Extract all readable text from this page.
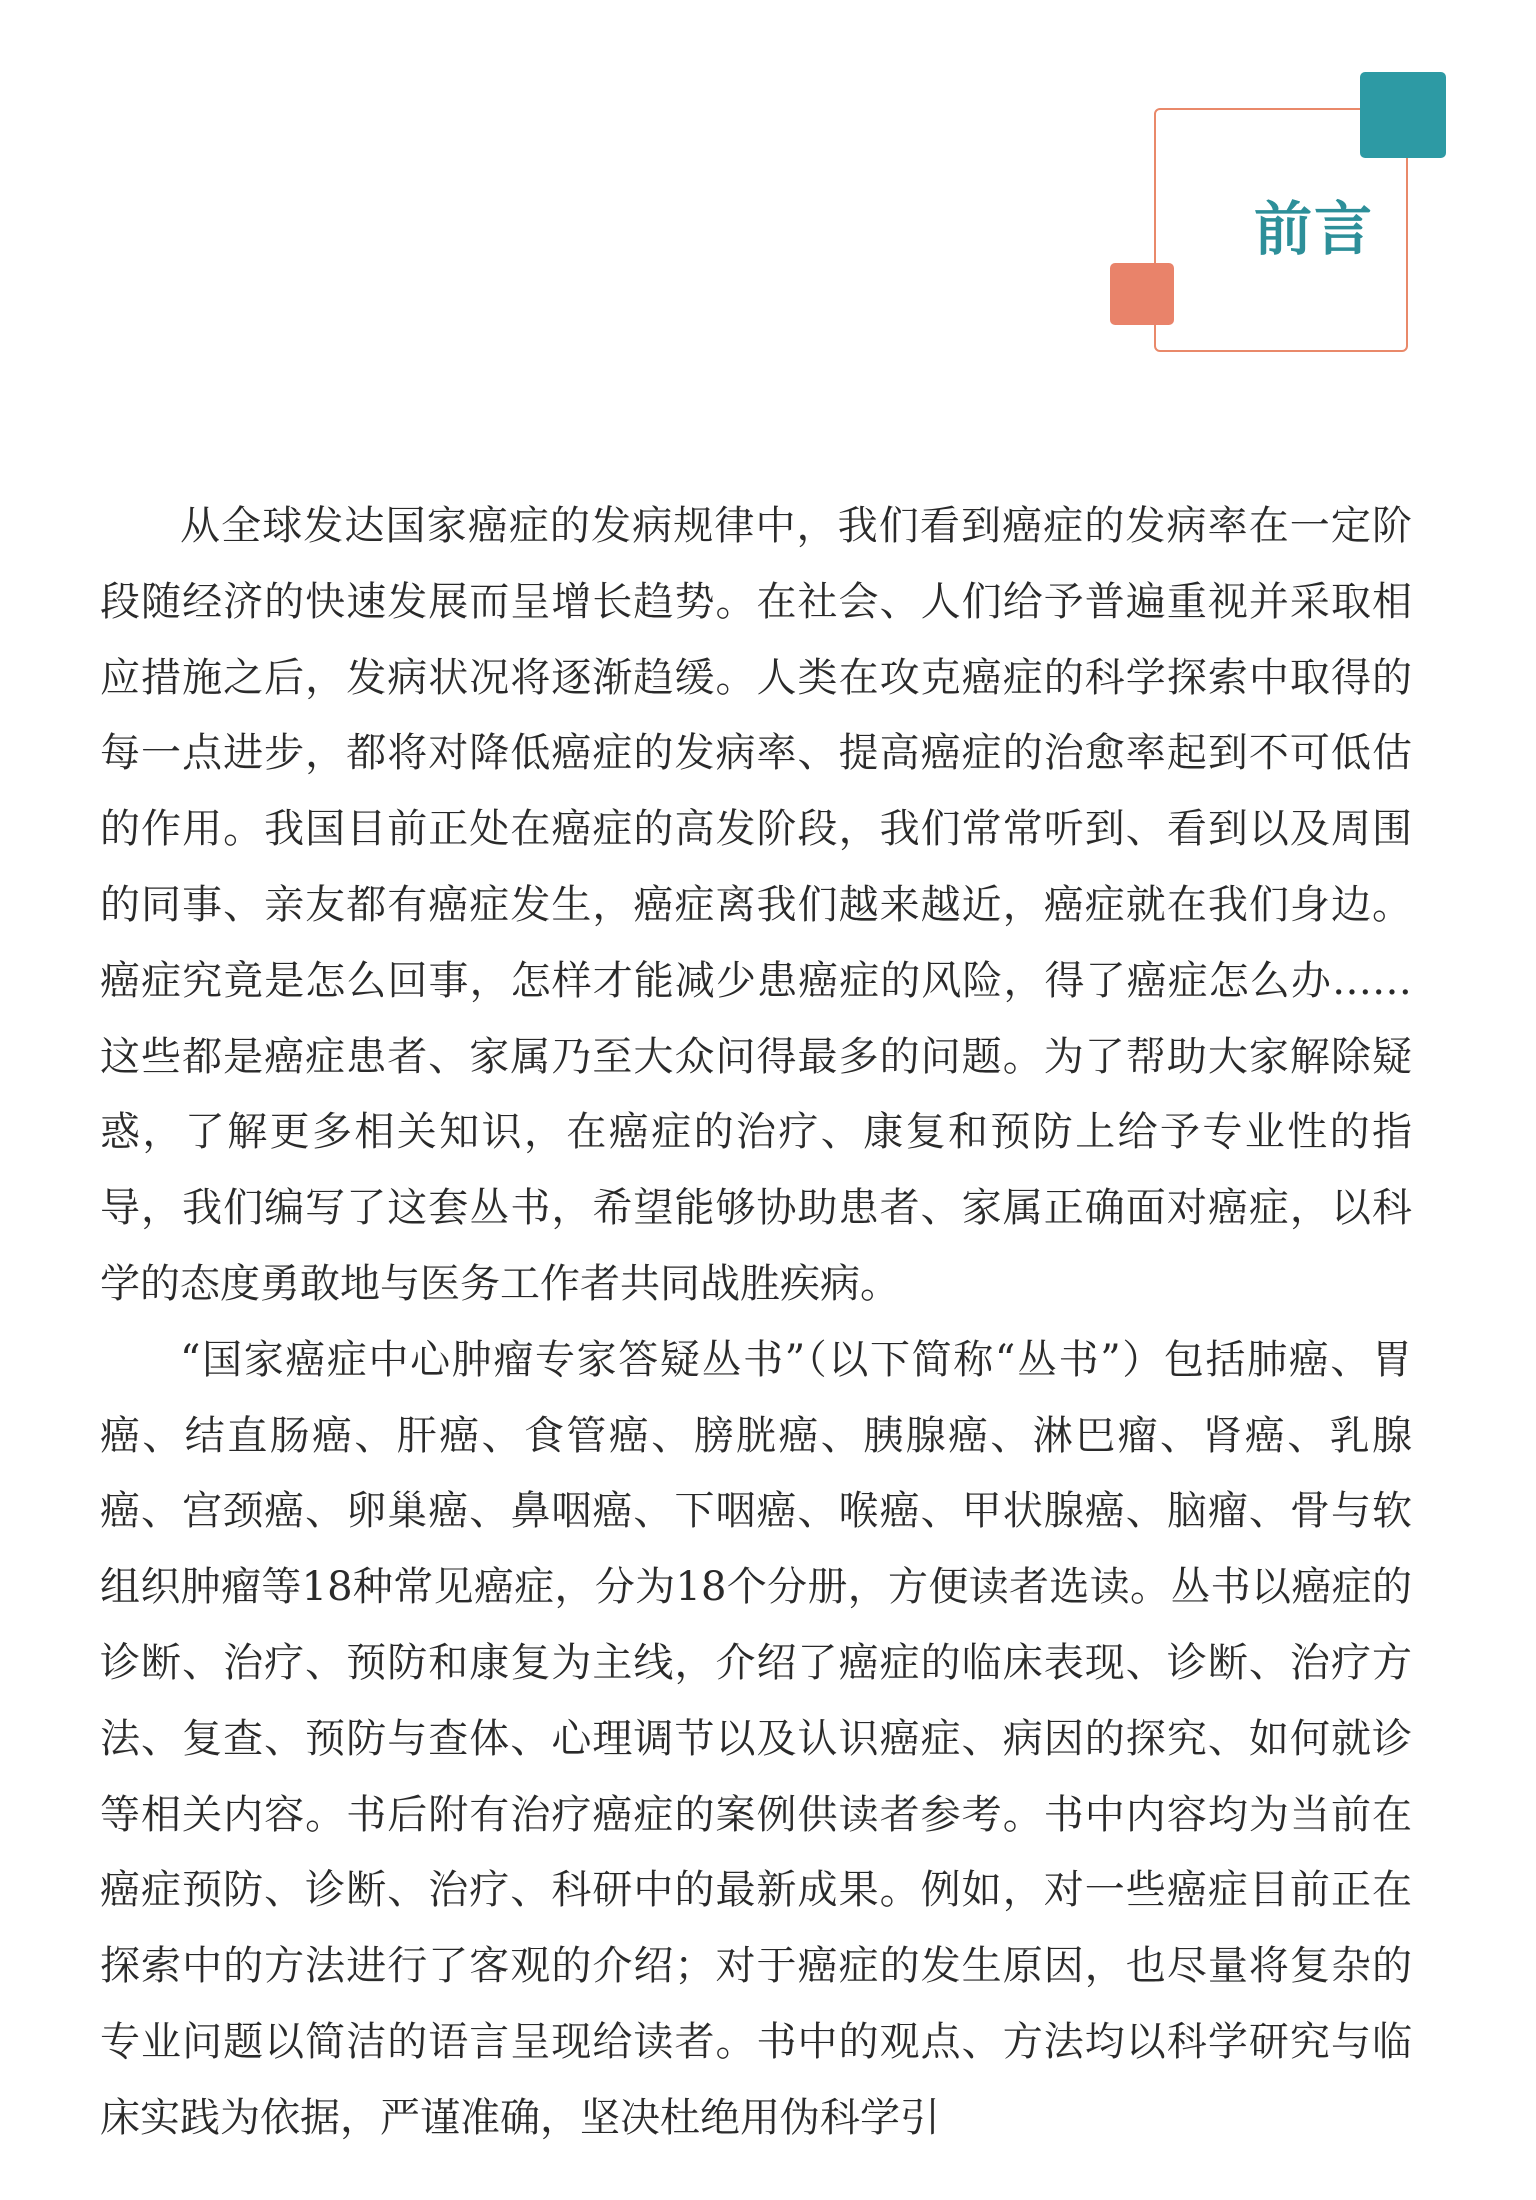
前言

从全球发达国家癌症的发病规律中，我们看到癌症的发病率在一定阶段随经济的快速发展而呈增长趋势。在社会、人们给予普遍重视并采取相应措施之后，发病状况将逐渐趋缓。人类在攻克癌症的科学探索中取得的每一点进步，都将对降低癌症的发病率、提高癌症的治愈率起到不可低估的作用。我国目前正处在癌症的高发阶段，我们常常听到、看到以及周围的同事、亲友都有癌症发生，癌症离我们越来越近，癌症就在我们身边。癌症究竟是怎么回事，怎样才能减少患癌症的风险，得了癌症怎么办……这些都是癌症患者、家属乃至大众问得最多的问题。为了帮助大家解除疑惑，了解更多相关知识，在癌症的治疗、康复和预防上给予专业性的指导，我们编写了这套丛书，希望能够协助患者、家属正确面对癌症，以科学的态度勇敢地与医务工作者共同战胜疾病。

“国家癌症中心肿瘤专家答疑丛书”（以下简称“丛书”）包括肺癌、胃癌、结直肠癌、肝癌、食管癌、膀胱癌、胰腺癌、淋巴瘤、肾癌、乳腺癌、宫颈癌、卵巢癌、鼻咽癌、下咽癌、喉癌、甲状腺癌、脑瘤、骨与软组织肿瘤等18种常见癌症，分为18个分册，方便读者选读。丛书以癌症的诊断、治疗、预防和康复为主线，介绍了癌症的临床表现、诊断、治疗方法、复查、预防与查体、心理调节以及认识癌症、病因的探究、如何就诊等相关内容。书后附有治疗癌症的案例供读者参考。书中内容均为当前在癌症预防、诊断、治疗、科研中的最新成果。例如，对一些癌症目前正在探索中的方法进行了客观的介绍；对于癌症的发生原因，也尽量将复杂的专业问题以简洁的语言呈现给读者。书中的观点、方法均以科学研究与临床实践为依据，严谨准确，坚决杜绝用伪科学引
